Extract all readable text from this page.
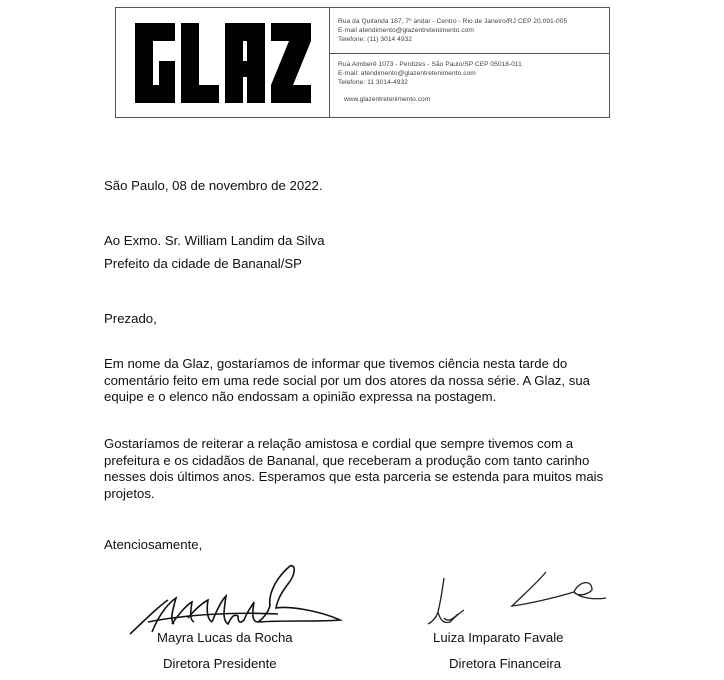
Rua da Quitanda 187, 7º andar - Centro - Rio de Janeiro/RJ CEP 20.091-005
E-mail atendimento@glazentretenimento.com
Telefone: (11) 3014 4932
Rua Aimberê 1073 - Perdizes - São Paulo/SP CEP 05018-011
E-mail: atendimento@glazentretenimento.com
Telefone: 11 3014-4932
www.glazentretenimento.com
São Paulo, 08 de novembro de 2022.
Ao Exmo. Sr. William Landim da Silva
Prefeito da cidade de Bananal/SP
Prezado,
Em nome da Glaz, gostaríamos de informar que tivemos ciência nesta tarde do comentário feito em uma rede social por um dos atores da nossa série. A Glaz, sua equipe e o elenco não endossam a opinião expressa na postagem.
Gostaríamos de reiterar a relação amistosa e cordial que sempre tivemos com a prefeitura e os cidadãos de Bananal, que receberam a produção com tanto carinho nesses dois últimos anos. Esperamos que esta parceria se estenda para muitos mais projetos.
Atenciosamente,
Mayra Lucas da Rocha
Diretora Presidente
Luiza Imparato Favale
Diretora Financeira
